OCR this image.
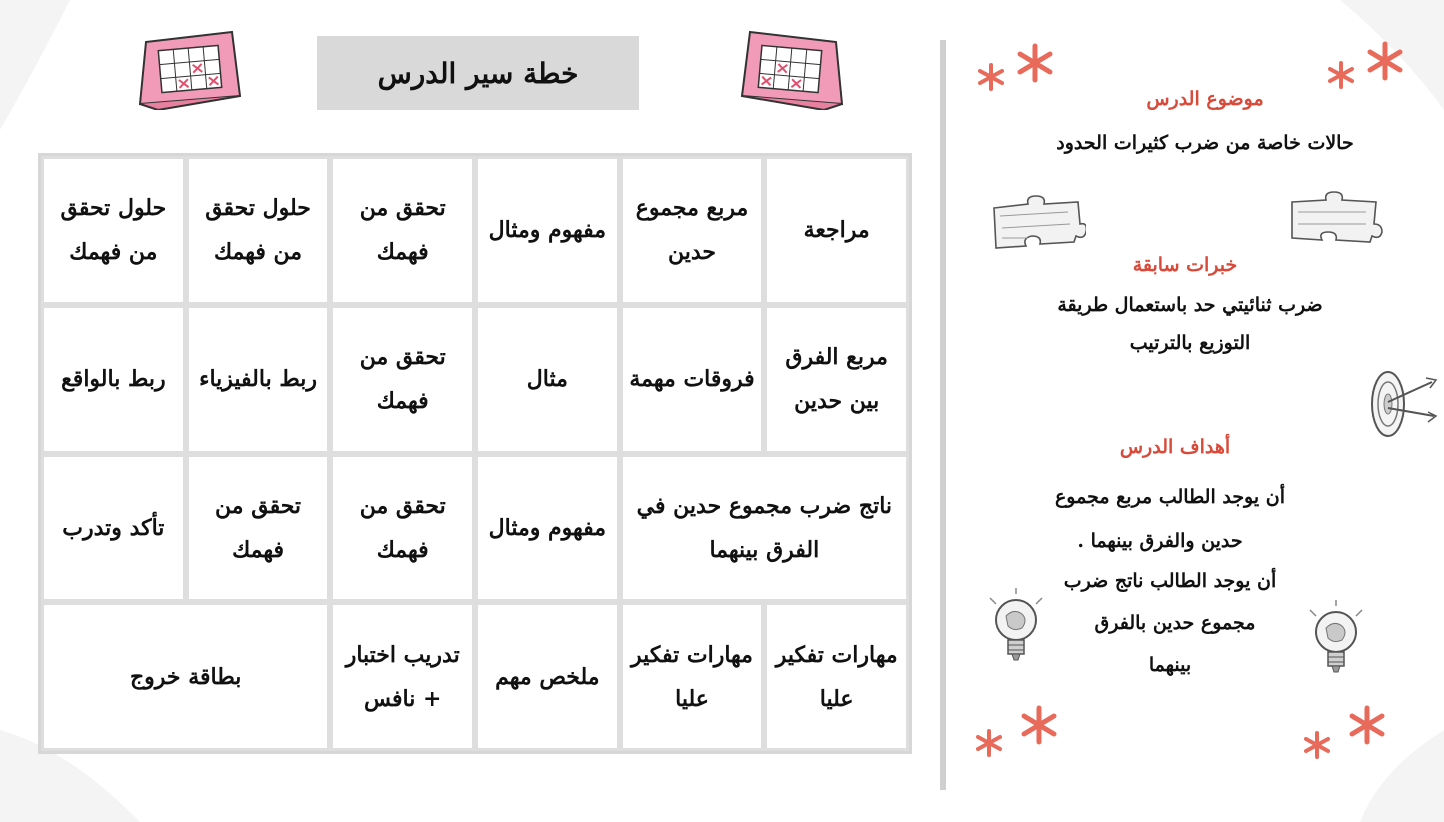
خطة سير الدرس
مراجعة	مربع مجموع حدين	مفهوم ومثال	تحقق من فهمك	حلول تحقق من فهمك	حلول تحقق من فهمك
مربع الفرق بين حدين	فروقات مهمة	مثال	تحقق من فهمك	ربط بالفيزياء	ربط بالواقع
ناتج ضرب مجموع حدين في الفرق بينهما		مفهوم ومثال	تحقق من فهمك	تحقق من فهمك	تأكد وتدرب
مهارات تفكير عليا	مهارات تفكير عليا	ملخص مهم	تدريب اختبار + نافس	بطاقة خروج	
موضوع الدرس
حالات خاصة من ضرب كثيرات الحدود
خبرات سابقة
ضرب ثنائيتي حد باستعمال طريقة
التوزيع بالترتيب
أهداف الدرس
أن يوجد الطالب مربع مجموع
حدين والفرق بينهما .
أن يوجد الطالب ناتج ضرب
مجموع حدين بالفرق
بينهما
